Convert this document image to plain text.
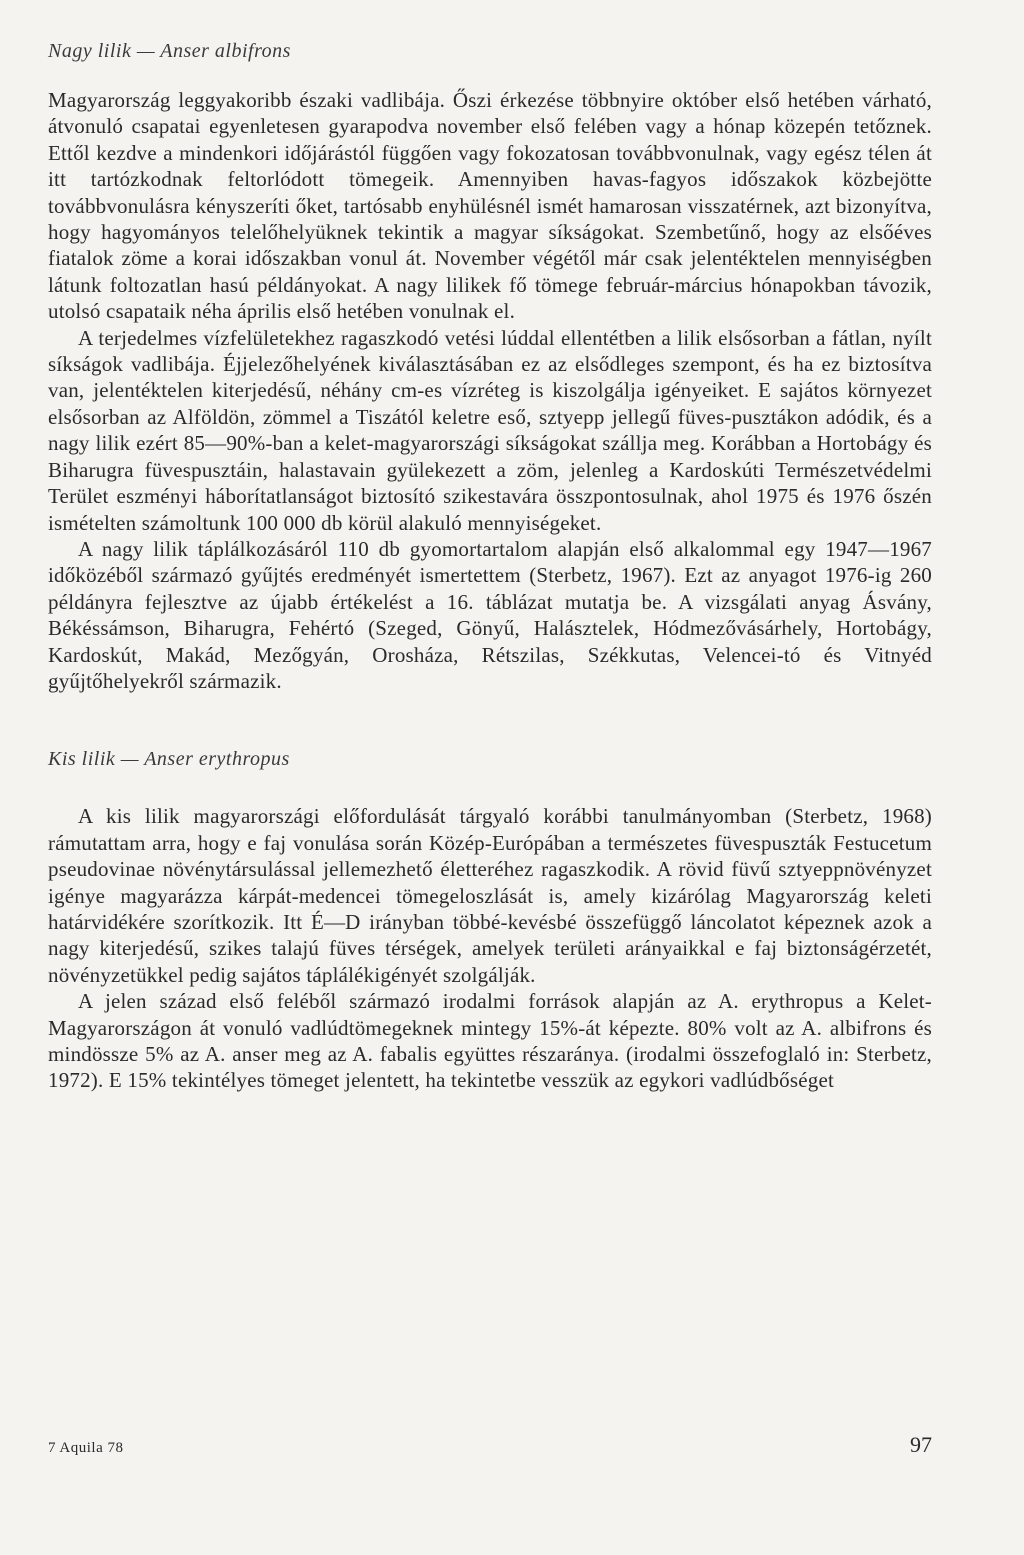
Nagy lilik — Anser albifrons

Magyarország leggyakoribb északi vadlibája. Őszi érkezése többnyire október első hetében várható, átvonuló csapatai egyenletesen gyarapodva november első felében vagy a hónap közepén tetőznek. Ettől kezdve a mindenkori időjárástól függően vagy fokozatosan továbbvonulnak, vagy egész télen át itt tartózkodnak feltorlódott tömegeik. Amennyiben havas-fagyos időszakok közbejötte továbbvonulásra kényszeríti őket, tartósabb enyhülésnél ismét hamarosan visszatérnek, azt bizonyítva, hogy hagyományos telelőhelyüknek tekintik a magyar síkságokat. Szembetűnő, hogy az elsőéves fiatalok zöme a korai időszakban vonul át. November végétől már csak jelentéktelen mennyiségben látunk foltozatlan hasú példányokat. A nagy lilikek fő tömege február-március hónapokban távozik, utolsó csapataik néha április első hetében vonulnak el.

A terjedelmes vízfelületekhez ragaszkodó vetési lúddal ellentétben a lilik elsősorban a fátlan, nyílt síkságok vadlibája. Éjjelezőhelyének kiválasztásában ez az elsődleges szempont, és ha ez biztosítva van, jelentéktelen kiterjedésű, néhány cm-es vízréteg is kiszolgálja igényeiket. E sajátos környezet elsősorban az Alföldön, zömmel a Tiszától keletre eső, sztyepp jellegű füves-pusztákon adódik, és a nagy lilik ezért 85—90%-ban a kelet-magyarországi síkságokat szállja meg. Korábban a Hortobágy és Biharugra füvespusztáin, halastavain gyülekezett a zöm, jelenleg a Kardoskúti Természetvédelmi Terület eszményi háborítatlanságot biztosító szikestavára összpontosulnak, ahol 1975 és 1976 őszén ismételten számoltunk 100 000 db körül alakuló mennyiségeket.

A nagy lilik táplálkozásáról 110 db gyomortartalom alapján első alkalommal egy 1947—1967 időközéből származó gyűjtés eredményét ismertettem (Sterbetz, 1967). Ezt az anyagot 1976-ig 260 példányra fejlesztve az újabb értékelést a 16. táblázat mutatja be. A vizsgálati anyag Ásvány, Békéssámson, Biharugra, Fehértó (Szeged, Gönyű, Halásztelek, Hódmezővásárhely, Hortobágy, Kardoskút, Makád, Mezőgyán, Orosháza, Rétszilas, Székkutas, Velencei-tó és Vitnyéd gyűjtőhelyekről származik.

Kis lilik — Anser erythropus

A kis lilik magyarországi előfordulását tárgyaló korábbi tanulmányomban (Sterbetz, 1968) rámutattam arra, hogy e faj vonulása során Közép-Európában a természetes füvespuszták Festucetum pseudovinae növénytársulással jellemezhető életteréhez ragaszkodik. A rövid füvű sztyeppnövényzet igénye magyarázza kárpát-medencei tömegeloszlását is, amely kizárólag Magyarország keleti határvidékére szorítkozik. Itt É—D irányban többé-kevésbé összefüggő láncolatot képeznek azok a nagy kiterjedésű, szikes talajú füves térségek, amelyek területi arányaikkal e faj biztonságérzetét, növényzetükkel pedig sajátos táplálékigényét szolgálják.

A jelen század első feléből származó irodalmi források alapján az A. erythropus a Kelet-Magyarországon át vonuló vadlúdtömegeknek mintegy 15%-át képezte. 80% volt az A. albifrons és mindössze 5% az A. anser meg az A. fabalis együttes részaránya. (irodalmi összefoglaló in: Sterbetz, 1972). E 15% tekintélyes tömeget jelentett, ha tekintetbe vesszük az egykori vadlúdbőséget

7 Aquila 78	97
